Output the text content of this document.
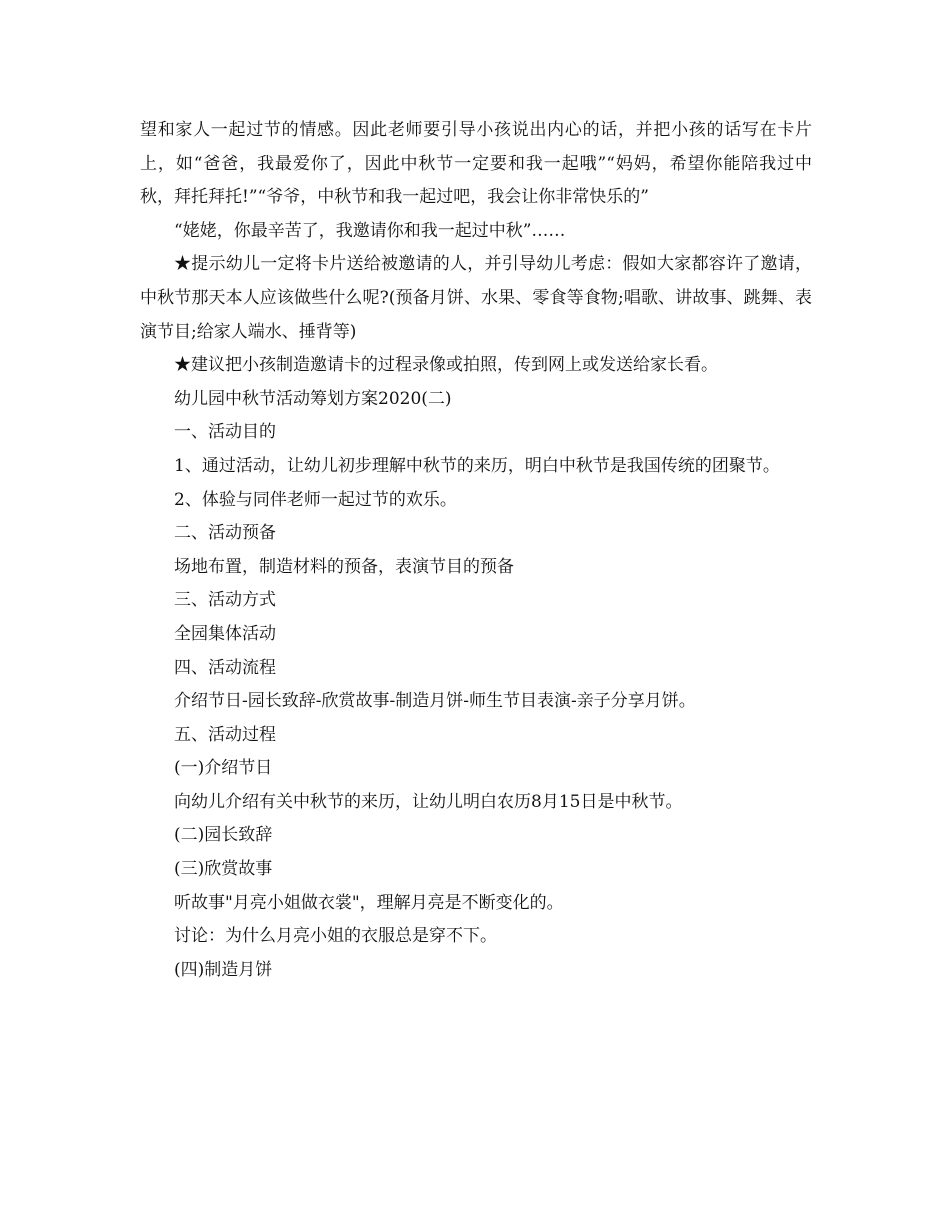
望和家人一起过节的情感。因此老师要引导小孩说出内心的话，并把小孩的话写在卡片上，如“爸爸，我最爱你了，因此中秋节一定要和我一起哦”“妈妈，希望你能陪我过中秋，拜托拜托!”“爷爷，中秋节和我一起过吧，我会让你非常快乐的”

“姥姥，你最辛苦了，我邀请你和我一起过中秋”……

★提示幼儿一定将卡片送给被邀请的人，并引导幼儿考虑：假如大家都容许了邀请，中秋节那天本人应该做些什么呢?(预备月饼、水果、零食等食物;唱歌、讲故事、跳舞、表演节目;给家人端水、捶背等)

★建议把小孩制造邀请卡的过程录像或拍照，传到网上或发送给家长看。

幼儿园中秋节活动筹划方案2020(二)

一、活动目的

1、通过活动，让幼儿初步理解中秋节的来历，明白中秋节是我国传统的团聚节。

2、体验与同伴老师一起过节的欢乐。

二、活动预备

场地布置，制造材料的预备，表演节目的预备

三、活动方式

全园集体活动

四、活动流程

介绍节日-园长致辞-欣赏故事-制造月饼-师生节目表演-亲子分享月饼。

五、活动过程

(一)介绍节日

向幼儿介绍有关中秋节的来历，让幼儿明白农历8月15日是中秋节。

(二)园长致辞

(三)欣赏故事

听故事"月亮小姐做衣裳"，理解月亮是不断变化的。

讨论：为什么月亮小姐的衣服总是穿不下。

(四)制造月饼
